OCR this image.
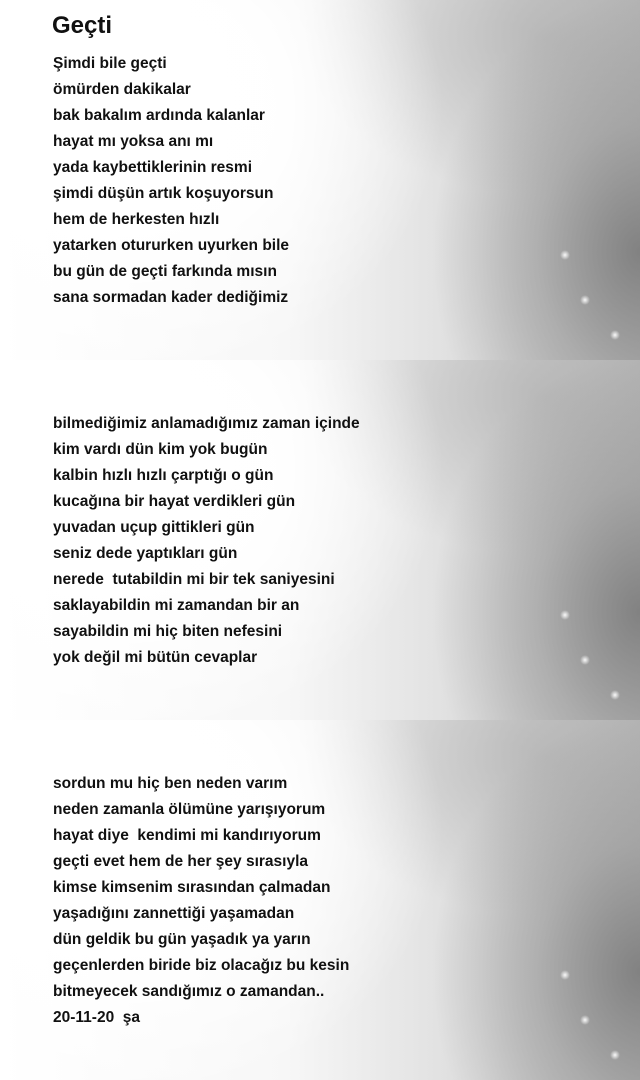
Geçti
Şimdi bile geçti
ömürden dakikalar
bak bakalım ardında kalanlar
hayat mı yoksa anı mı
yada kaybettiklerinin resmi
şimdi düşün artık koşuyorsun
hem de herkesten hızlı
yatarken otururken uyurken bile
bu gün de geçti farkında mısın
sana sormadan kader dediğimiz
bilmediğimiz anlamadığımız zaman içinde
kim vardı dün kim yok bugün
kalbin hızlı hızlı çarptığı o gün
kucağına bir hayat verdikleri gün
yuvadan uçup gittikleri gün
seniz dede yaptıkları gün
nerede  tutabildin mi bir tek saniyesini
saklayabildin mi zamandan bir an
sayabildin mi hiç biten nefesini
yok değil mi bütün cevaplar
sordun mu hiç ben neden varım
neden zamanla ölümüne yarışıyorum
hayat diye  kendimi mi kandırıyorum
geçti evet hem de her şey sırasıyla
kimse kimsenim sırasından çalmadan
yaşadığını zannettiği yaşamadan
dün geldik bu gün yaşadık ya yarın
geçenlerden biride biz olacağız bu kesin
bitmeyecek sandığımız o zamandan..
20-11-20  şa
